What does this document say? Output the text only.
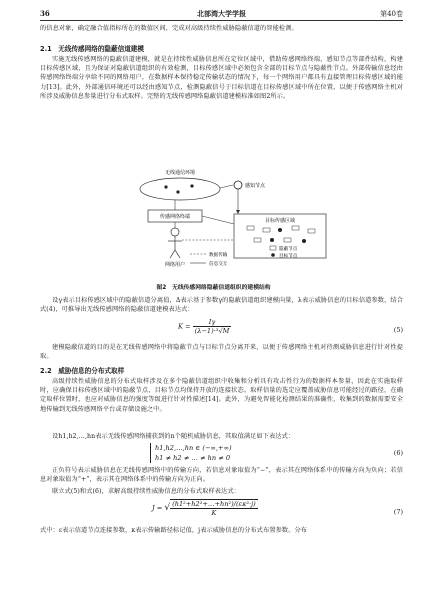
36	北部湾大学学报	第40卷
的信息对象，确定融合值指标所在的数值区间，完成对高级持续性威胁隐蔽信道的智能检测。
2.1　无线传感网络的隐蔽信道建模
实施无线传感网络的隐蔽信道建模，就是在持续性威胁信息所在定位区域中，借助传感网络终端、感知节点等部件结构，构建目标传感区域，且为保证对隐蔽信道组织的有效检测，目标传感区域中必须包含全部的目标节点与隐蔽性节点。外部传输信息经由传感网络终端分享给不同的网络用户，在数据样本保持稳定传输状态的情况下，每一个网络用户都具有直接管理目标传感区域的能力[13]。此外，外部通信环境还可以经由感知节点，检测隐蔽信号于目标信道在目标传感区域中所在位置，以便于传感网络主机对所涉及威胁信息参量进行分布式取样。完整的无线传感网络隐蔽信道建模标准如图2所示。
无线通信环境
感知节点
传感网络终端
目标传感区域
隐蔽节点
目标节点
网络用户
数据传输
信息交互
图2　无线传感网络隐蔽信道组织的建模结构
设γ表示目标传感区域中的隐蔽信道分离值，Δ表示基于参数γ的隐蔽信道组织建模向量，λ表示威胁信息的目标信道参数，结合式(4)，可推导出无线传感网络的隐蔽信道建模表达式：
$K = \frac{I\gamma}{\text{(λ−1)·³√M}}$	(5)
建模隐蔽信道的目的是在无线传感网络中将隐蔽节点与目标节点分离开来，以便于传感网络主机对待测威胁信息进行针对性提取。
2.2　威胁信息的分布式取样
高级持续性威胁信息的分布式取样涉及在多个隐蔽信道组织中收集和分析具有攻击性行为的数据样本参量，因此在实施取样时，应确保目标传感区域中的隐蔽节点、目标节点均保持开放的连接状态。取样信量的选定应覆盖威胁信息可能经过的路径，在确定取样位置时，也应对威胁信息的强度等级进行针对性描述[14]。此外，为避免智能化检测结果的准确性，收集到的数据需要安全地传输到无线传感网络平台或存储设施之中。
设h1,h2,…,hn表示无线传感网络捕获到的n个随机威胁信息，其取值满足如下表达式：
h1,h2,…,hn ∈ (−∞,+∞)
h1 ≠ h2 ≠ … ≠ hn ≠ 0
(6)
正负符号表示威胁信息在无线传感网络中的传输方向，若信息对象取值为“−”，表示其在网络体系中的传输方向为负向；若信息对象取值为“+”，表示其在网络体系中的传输方向为正向。
联立式(5)和式(6)，求解高级持续性威胁信息的分布式取样表达式：
J = √ $\frac{\text{(h1²+h2²+…+hn²)/(εκ²·j)}}{K}$	(7)
式中：ε表示信道节点连接参数，κ表示传输路径标记值，j表示威胁信息的分布式布置参数。分布
